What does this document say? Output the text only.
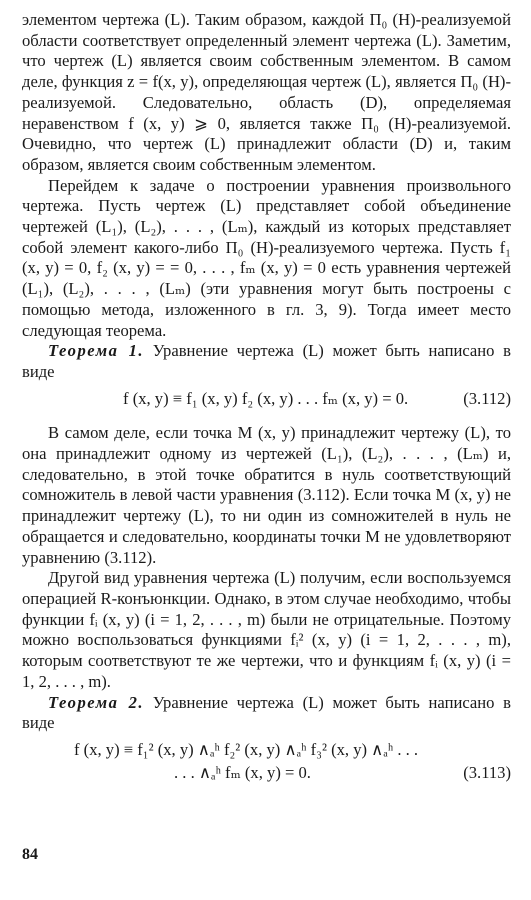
элементом чертежа (L). Таким образом, каждой Π₀ (H)-реализуемой области соответствует определенный элемент чертежа (L). Заметим, что чертеж (L) является своим собственным элементом. В самом деле, функция z = f(x, y), определяющая чертеж (L), является Π₀ (H)-реализуемой. Следовательно, область (D), определяемая неравенством f (x, y) ⩾ 0, является также Π₀ (H)-реализуемой. Очевидно, что чертеж (L) принадлежит области (D) и, таким образом, является своим собственным элементом.

Перейдем к задаче о построении уравнения произвольного чертежа. Пусть чертеж (L) представляет собой объединение чертежей (L₁), (L₂), . . . , (Lₘ), каждый из которых представляет собой элемент какого-либо Π₀ (H)-реализуемого чертежа. Пусть f₁ (x, y) = 0, f₂ (x, y) = = 0, . . . , fₘ (x, y) = 0 есть уравнения чертежей (L₁), (L₂), . . . , (Lₘ) (эти уравнения могут быть построены с помощью метода, изложенного в гл. 3, 9). Тогда имеет место следующая теорема.

Теорема 1. Уравнение чертежа (L) может быть написано в виде

f (x, y) ≡ f₁ (x, y) f₂ (x, y) . . . fₘ (x, y) = 0.	(3.112)

В самом деле, если точка M (x, y) принадлежит чертежу (L), то она принадлежит одному из чертежей (L₁), (L₂), . . . , (Lₘ) и, следовательно, в этой точке обратится в нуль соответствующий сомножитель в левой части уравнения (3.112). Если точка M (x, y) не принадлежит чертежу (L), то ни один из сомножителей в нуль не обращается и следовательно, координаты точки M не удовлетворяют уравнению (3.112).

Другой вид уравнения чертежа (L) получим, если воспользуемся операцией R-конъюнкции. Однако, в этом случае необходимо, чтобы функции fᵢ (x, y) (i = 1, 2, . . . , m) были не отрицательные. Поэтому можно воспользоваться функциями fᵢ² (x, y) (i = 1, 2, . . . , m), которым соответствуют те же чертежи, что и функциям fᵢ (x, y) (i = 1, 2, . . . , m).

Теорема 2. Уравнение чертежа (L) может быть написано в виде

f (x, y) ≡ f₁² (x, y) ∧ₐʰ f₂² (x, y) ∧ₐʰ f₃² (x, y) ∧ₐʰ . . .
. . . ∧ₐʰ fₘ (x, y) = 0.	(3.113)
84
